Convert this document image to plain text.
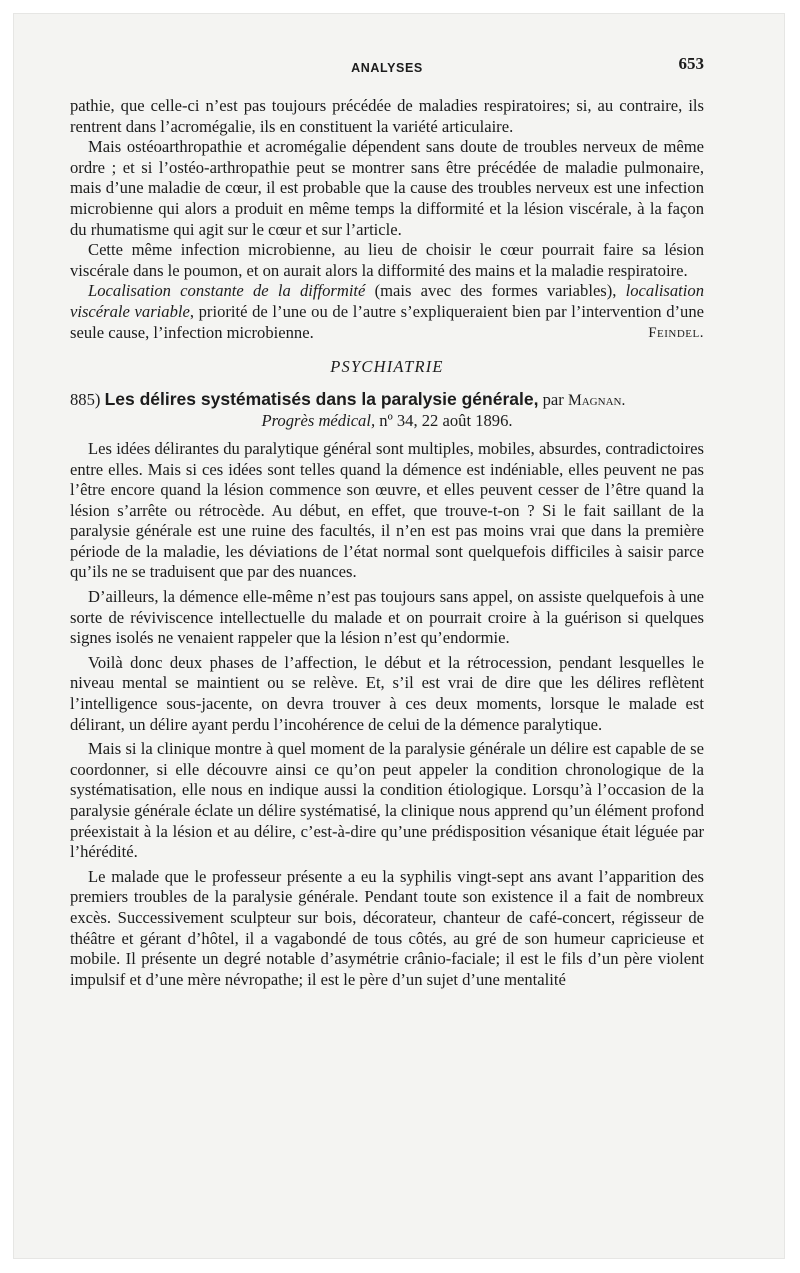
ANALYSES	653

pathie, que celle-ci n’est pas toujours précédée de maladies respiratoires; si, au contraire, ils rentrent dans l’acromégalie, ils en constituent la variété articulaire.

Mais ostéoarthropathie et acromégalie dépendent sans doute de troubles nerveux de même ordre ; et si l’ostéo-arthropathie peut se montrer sans être précédée de maladie pulmonaire, mais d’une maladie de cœur, il est probable que la cause des troubles nerveux est une infection microbienne qui alors a produit en même temps la difformité et la lésion viscérale, à la façon du rhumatisme qui agit sur le cœur et sur l’article.

Cette même infection microbienne, au lieu de choisir le cœur pourrait faire sa lésion viscérale dans le poumon, et on aurait alors la difformité des mains et la maladie respiratoire.

Localisation constante de la difformité (mais avec des formes variables), localisation viscérale variable, priorité de l’une ou de l’autre s’expliqueraient bien par l’intervention d’une seule cause, l’infection microbienne.	Feindel.

PSYCHIATRIE

885) Les délires systématisés dans la paralysie générale, par Magnan.

Progrès médical, nº 34, 22 août 1896.

Les idées délirantes du paralytique général sont multiples, mobiles, absurdes, contradictoires entre elles. Mais si ces idées sont telles quand la démence est indéniable, elles peuvent ne pas l’être encore quand la lésion commence son œuvre, et elles peuvent cesser de l’être quand la lésion s’arrête ou rétrocède. Au début, en effet, que trouve-t-on ? Si le fait saillant de la paralysie générale est une ruine des facultés, il n’en est pas moins vrai que dans la première période de la maladie, les déviations de l’état normal sont quelquefois difficiles à saisir parce qu’ils ne se traduisent que par des nuances.

D’ailleurs, la démence elle-même n’est pas toujours sans appel, on assiste quelquefois à une sorte de réviviscence intellectuelle du malade et on pourrait croire à la guérison si quelques signes isolés ne venaient rappeler que la lésion n’est qu’endormie.

Voilà donc deux phases de l’affection, le début et la rétrocession, pendant lesquelles le niveau mental se maintient ou se relève. Et, s’il est vrai de dire que les délires reflètent l’intelligence sous-jacente, on devra trouver à ces deux moments, lorsque le malade est délirant, un délire ayant perdu l’incohérence de celui de la démence paralytique.

Mais si la clinique montre à quel moment de la paralysie générale un délire est capable de se coordonner, si elle découvre ainsi ce qu’on peut appeler la condition chronologique de la systématisation, elle nous en indique aussi la condition étiologique. Lorsqu’à l’occasion de la paralysie générale éclate un délire systématisé, la clinique nous apprend qu’un élément profond préexistait à la lésion et au délire, c’est-à-dire qu’une prédisposition vésanique était léguée par l’hérédité.

Le malade que le professeur présente a eu la syphilis vingt-sept ans avant l’apparition des premiers troubles de la paralysie générale. Pendant toute son existence il a fait de nombreux excès. Successivement sculpteur sur bois, décorateur, chanteur de café-concert, régisseur de théâtre et gérant d’hôtel, il a vagabondé de tous côtés, au gré de son humeur capricieuse et mobile. Il présente un degré notable d’asymétrie crânio-faciale; il est le fils d’un père violent impulsif et d’une mère névropathe; il est le père d’un sujet d’une mentalité
